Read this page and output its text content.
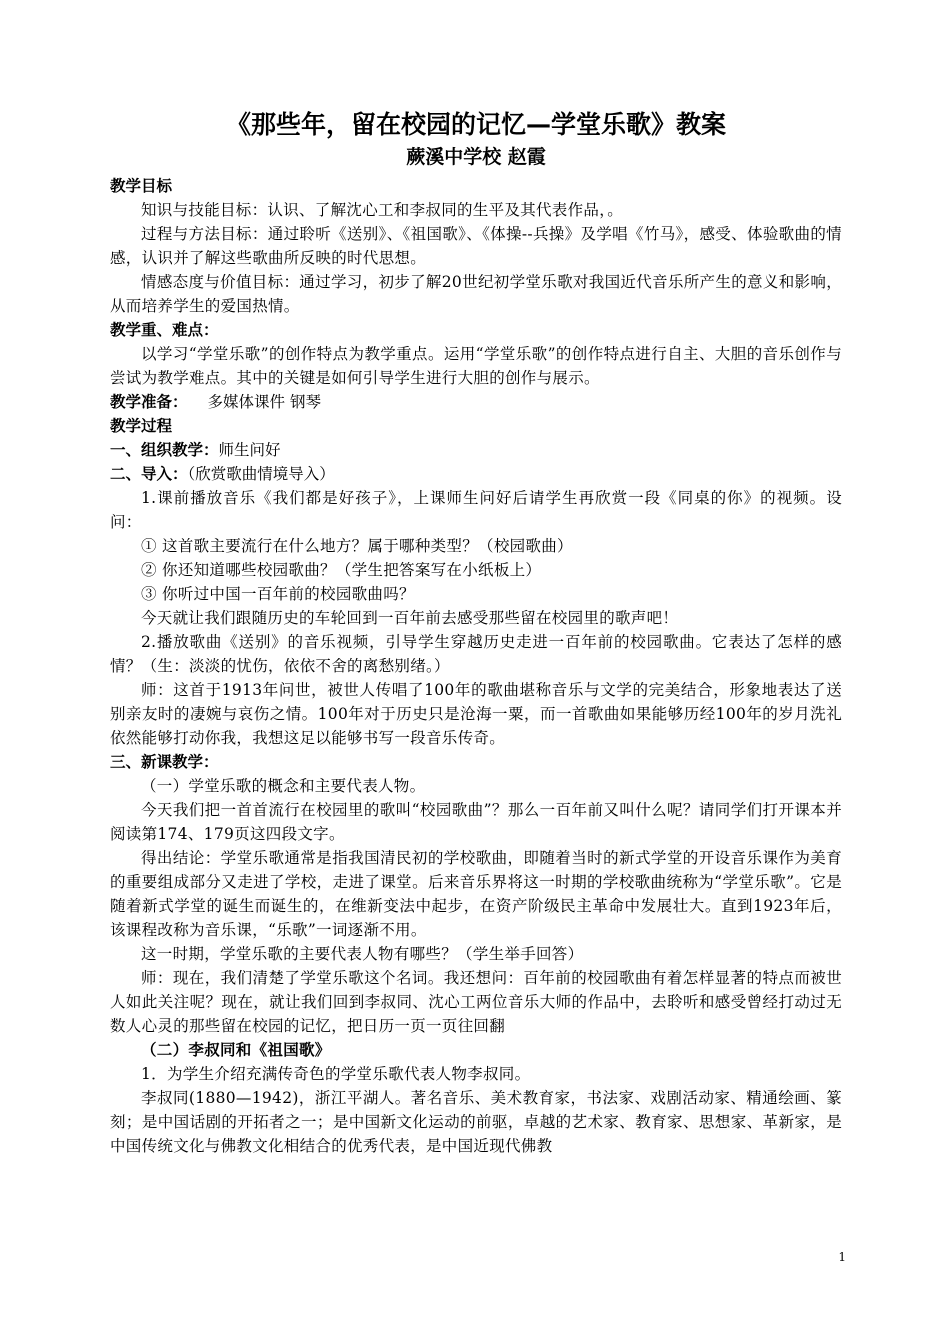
《那些年，留在校园的记忆—学堂乐歌》教案
蕨溪中学校 赵霞
教学目标

知识与技能目标：认识、了解沈心工和李叔同的生平及其代表作品，。

过程与方法目标：通过聆听《送别》、《祖国歌》、《体操--兵操》及学唱《竹马》，感受、体验歌曲的情感，认识并了解这些歌曲所反映的时代思想。

情感态度与价值目标：通过学习，初步了解20世纪初学堂乐歌对我国近代音乐所产生的意义和影响，从而培养学生的爱国热情。

教学重、难点：

以学习“学堂乐歌”的创作特点为教学重点。运用“学堂乐歌”的创作特点进行自主、大胆的音乐创作与尝试为教学难点。其中的关键是如何引导学生进行大胆的创作与展示。

教学准备： 多媒体课件 钢琴
教学过程
一、组织教学：师生问好
二、导入：（欣赏歌曲情境导入）

1.课前播放音乐《我们都是好孩子》，上课师生问好后请学生再欣赏一段《同桌的你》的视频。设问：

① 这首歌主要流行在什么地方？属于哪种类型？（校园歌曲）

② 你还知道哪些校园歌曲？（学生把答案写在小纸板上）

③ 你听过中国一百年前的校园歌曲吗？

今天就让我们跟随历史的车轮回到一百年前去感受那些留在校园里的歌声吧！

2.播放歌曲《送别》的音乐视频，引导学生穿越历史走进一百年前的校园歌曲。它表达了怎样的感情？（生：淡淡的忧伤，依依不舍的离愁别绪。）

师：这首于1913年问世，被世人传唱了100年的歌曲堪称音乐与文学的完美结合，形象地表达了送别亲友时的凄婉与哀伤之情。100年对于历史只是沧海一粟，而一首歌曲如果能够历经100年的岁月洗礼依然能够打动你我，我想这足以能够书写一段音乐传奇。

三、新课教学：

（一）学堂乐歌的概念和主要代表人物。

今天我们把一首首流行在校园里的歌叫“校园歌曲”？那么一百年前又叫什么呢？请同学们打开课本并阅读第174、179页这四段文字。

得出结论：学堂乐歌通常是指我国清民初的学校歌曲，即随着当时的新式学堂的开设音乐课作为美育的重要组成部分又走进了学校，走进了课堂。后来音乐界将这一时期的学校歌曲统称为“学堂乐歌”。它是随着新式学堂的诞生而诞生的，在维新变法中起步，在资产阶级民主革命中发展壮大。直到1923年后，该课程改称为音乐课，“乐歌”一词逐渐不用。

这一时期，学堂乐歌的主要代表人物有哪些？（学生举手回答）

师：现在，我们清楚了学堂乐歌这个名词。我还想问：百年前的校园歌曲有着怎样显著的特点而被世人如此关注呢？现在，就让我们回到李叔同、沈心工两位音乐大师的作品中，去聆听和感受曾经打动过无数人心灵的那些留在校园的记忆，把日历一页一页往回翻

（二）李叔同和《祖国歌》

1．为学生介绍充满传奇色的学堂乐歌代表人物李叔同。

李叔同(1880—1942)，浙江平湖人。著名音乐、美术教育家，书法家、戏剧活动家、精通绘画、篆刻；是中国话剧的开拓者之一；是中国新文化运动的前驱，卓越的艺术家、教育家、思想家、革新家，是中国传统文化与佛教文化相结合的优秀代表，是中国近现代佛教

1
